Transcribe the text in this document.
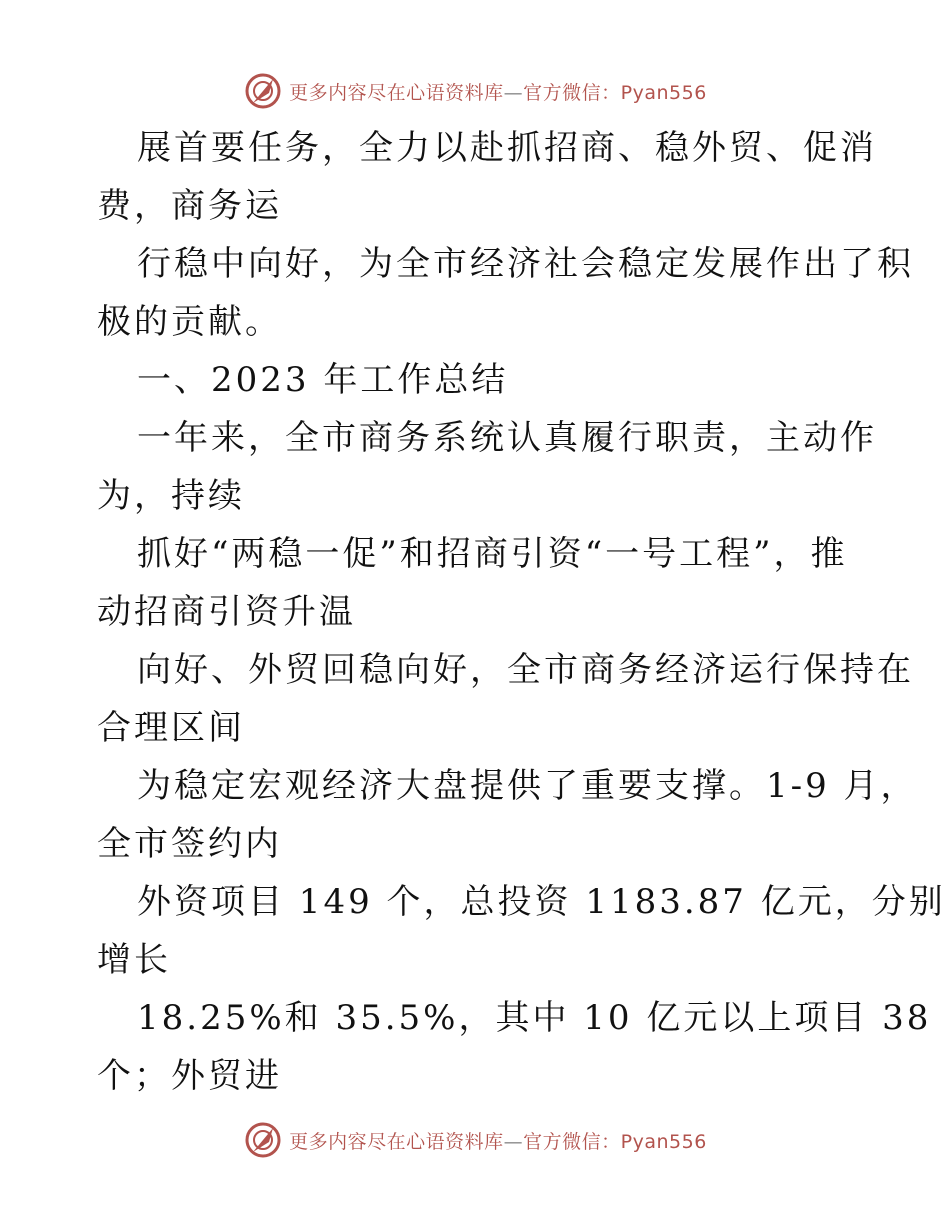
更多内容尽在心语资料库—官方微信：Pyan556
展首要任务，全力以赴抓招商、稳外贸、促消
费，商务运
行稳中向好，为全市经济社会稳定发展作出了积
极的贡献。
一、2023 年工作总结
一年来，全市商务系统认真履行职责，主动作
为，持续
抓好“两稳一促”和招商引资“一号工程”，推
动招商引资升温
向好、外贸回稳向好，全市商务经济运行保持在
合理区间
为稳定宏观经济大盘提供了重要支撑。1-9 月，
全市签约内
外资项目 149 个，总投资 1183.87 亿元，分别
增长
18.25%和 35.5%，其中 10 亿元以上项目 38
个；外贸进
更多内容尽在心语资料库—官方微信：Pyan556
